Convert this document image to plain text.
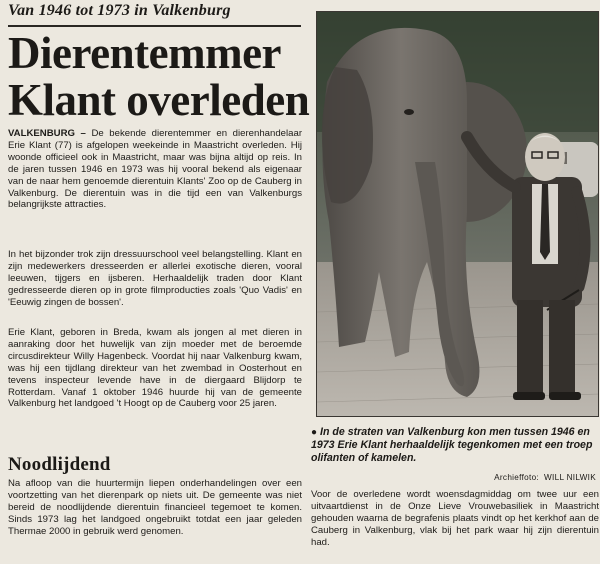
Van 1946 tot 1973 in Valkenburg
Dierentemmer
Klant overleden

VALKENBURG – De bekende dierentemmer en dierenhandelaar Erie Klant (77) is afgelopen weekeinde in Maastricht overleden. Hij woonde officieel ook in Maastricht, maar was bijna altijd op reis. In de jaren tussen 1946 en 1973 was hij vooral bekend als eigenaar van de naar hem genoemde dierentuin Klants' Zoo op de Cauberg in Valkenburg. De dierentuin was in die tijd een van Valkenburgs belangrijkste attracties.

In het bijzonder trok zijn dressuurschool veel belangstelling. Klant en zijn medewerkers dresseerden er allerlei exotische dieren, vooral leeuwen, tijgers en ijsberen. Herhaaldelijk traden door Klant gedresseerde dieren op in grote filmproducties zoals 'Quo Vadis' en 'Eeuwig zingen de bossen'.

Erie Klant, geboren in Breda, kwam als jongen al met dieren in aanraking door het huwelijk van zijn moeder met de beroemde circusdirekteur Willy Hagenbeck. Voordat hij naar Valkenburg kwam, was hij een tijdlang direkteur van het zwembad in Oosterhout en tevens inspecteur levende have in de diergaard Blijdorp te Rotterdam. Vanaf 1 oktober 1946 huurde hij van de gemeente Valkenburg het landgoed 't Hoogt op de Cauberg voor 25 jaren.

Noodlijdend

Na afloop van die huurtermijn liepen onderhandelingen over een voortzetting van het dierenpark op niets uit. De gemeente was niet bereid de noodlijdende dierentuin financieel tegemoet te komen. Sinds 1973 lag het landgoed ongebruikt totdat een jaar geleden Thermae 2000 in gebruik werd genomen.

● In de straten van Valkenburg kon men tussen 1946 en 1973 Erie Klant herhaaldelijk tegenkomen met een troep olifanten of kamelen.

Archieffoto: WILL NILWIK

Voor de overledene wordt woensdagmiddag om twee uur een uitvaartdienst in de Onze Lieve Vrouwebasiliek in Maastricht gehouden waarna de begrafenis plaats vindt op het kerkhof aan de Cauberg in Valkenburg, vlak bij het park waar hij zijn dierentuin had.
